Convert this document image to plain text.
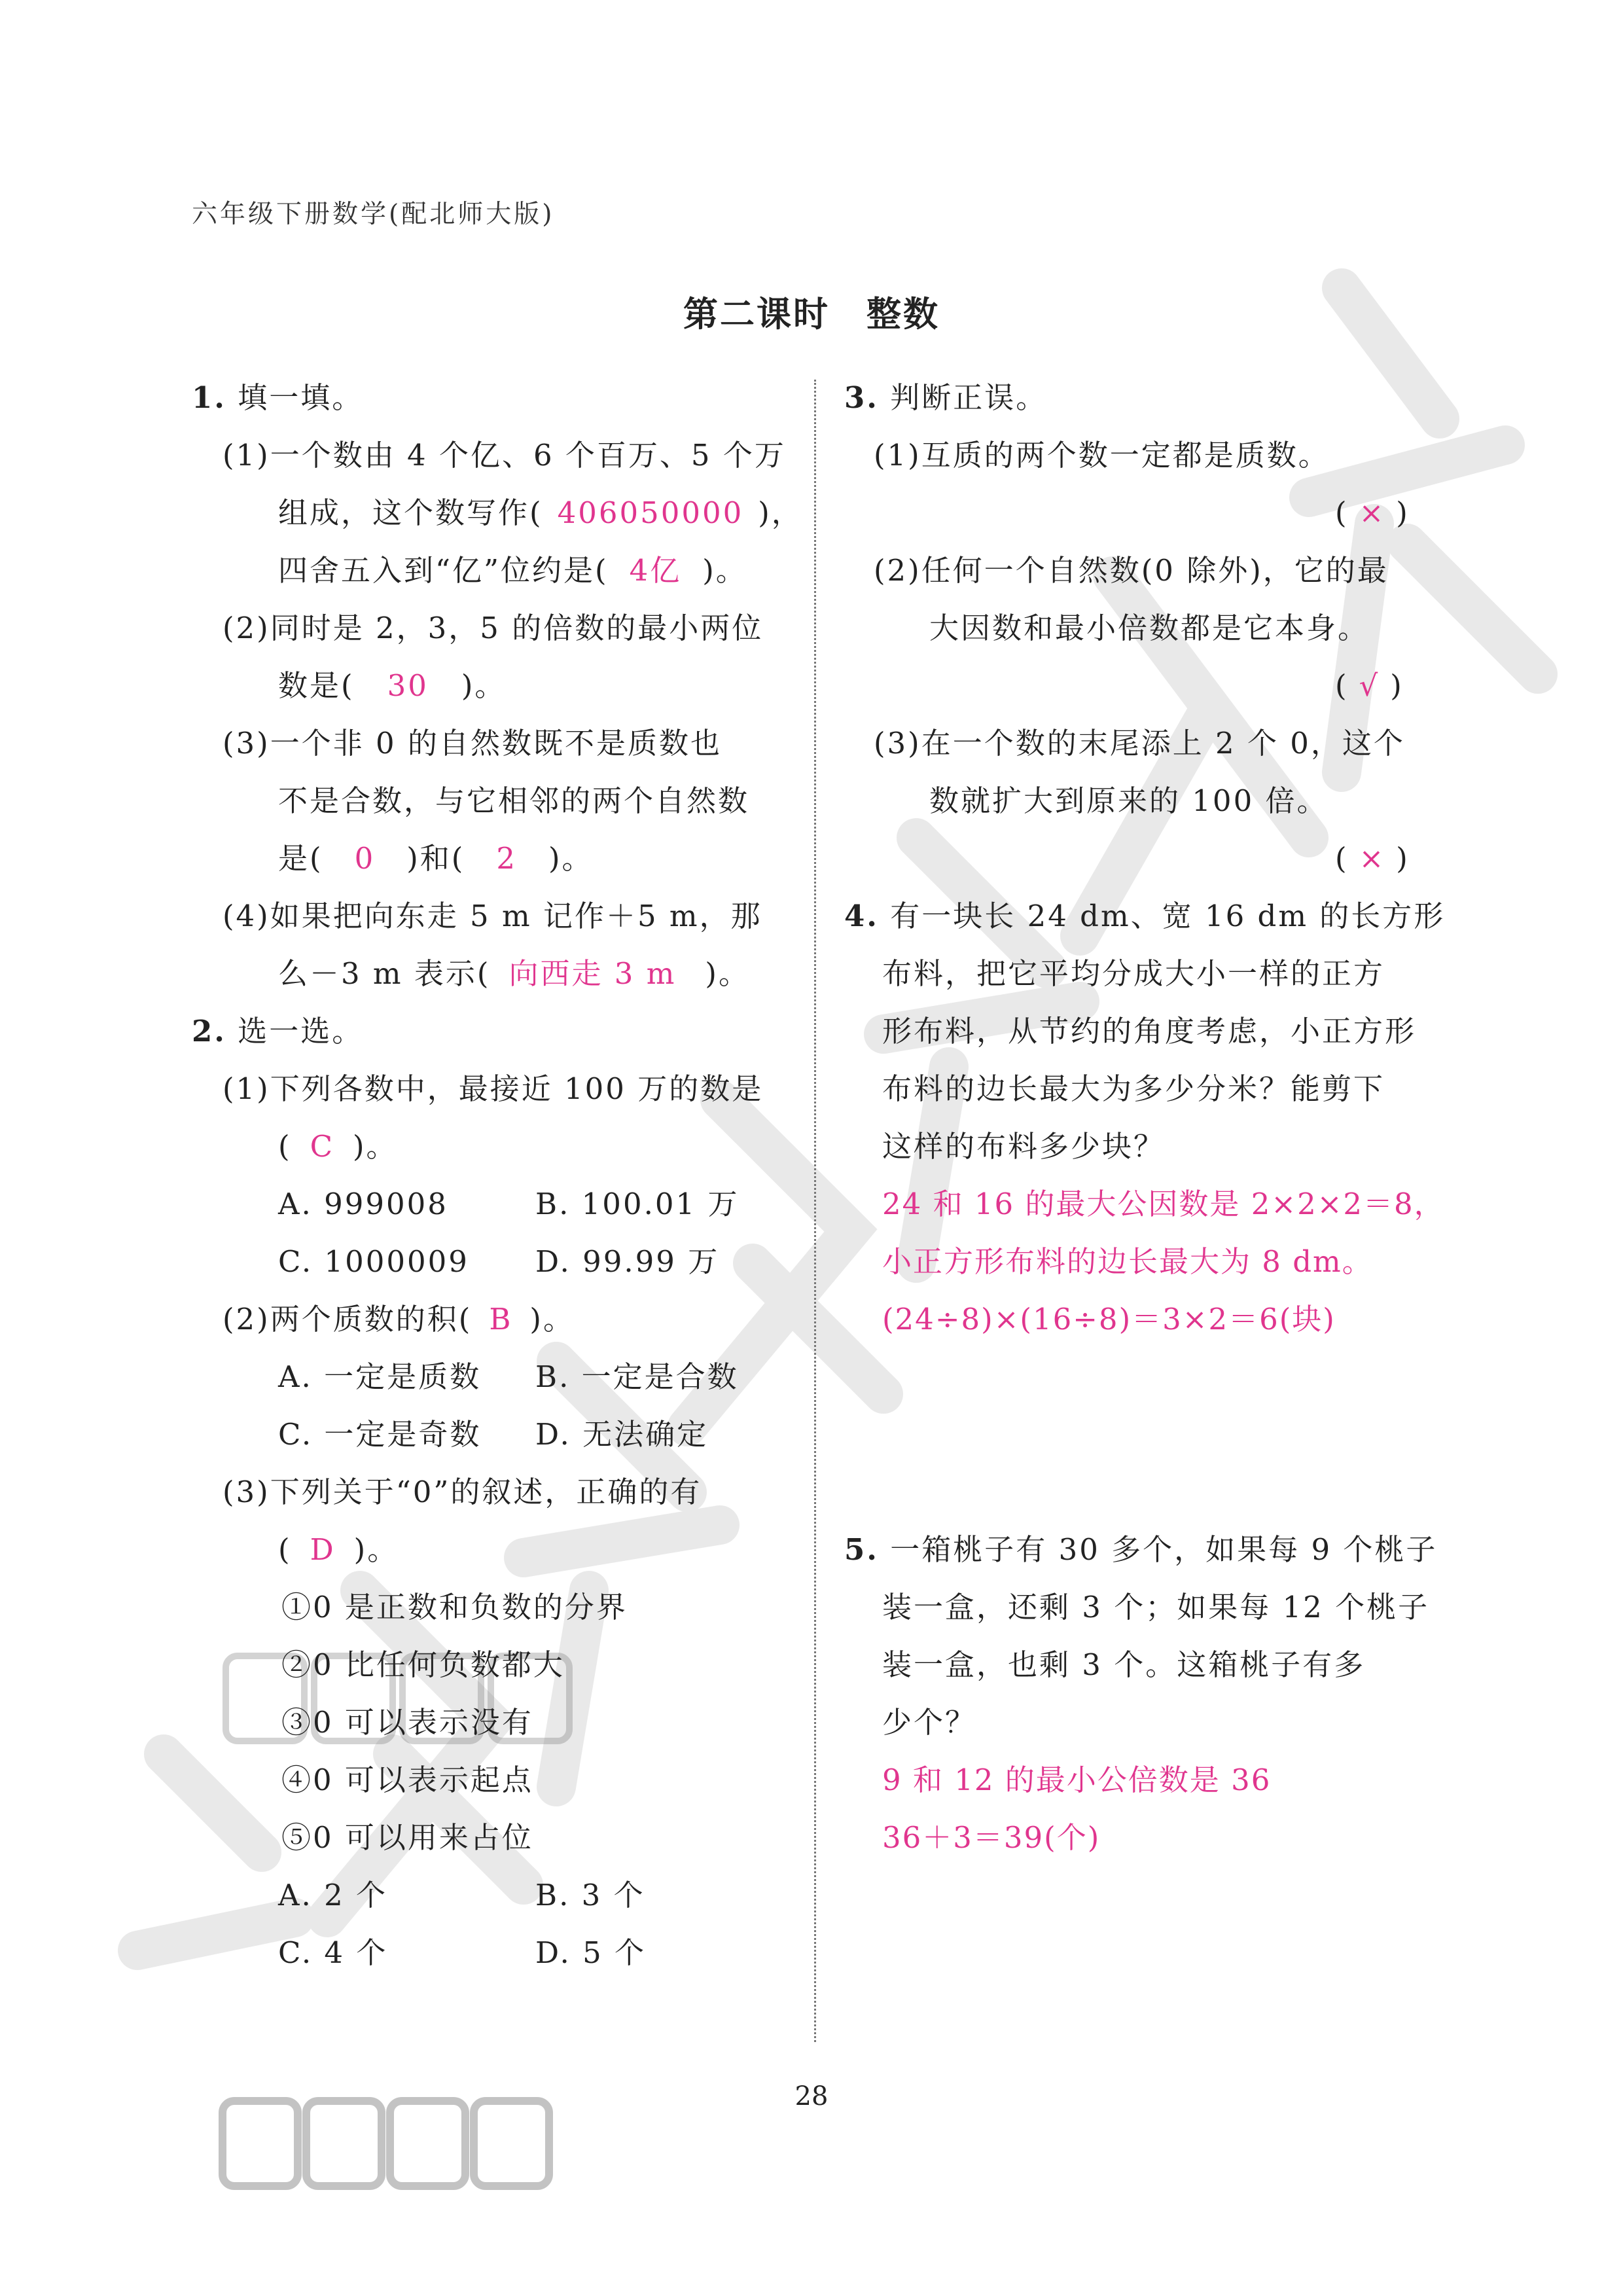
六年级下册数学(配北师大版)
第二课时　整数
1. 填一填。
(1)一个数由 4 个亿、6 个百万、5 个万
组成，这个数写作( 406050000 )，
四舍五入到“亿”位约是( 4亿 )。
(2)同时是 2，3，5 的倍数的最小两位
数是( 30 )。
(3)一个非 0 的自然数既不是质数也
不是合数，与它相邻的两个自然数
是( 0 )和( 2 )。
(4)如果把向东走 5 m 记作＋5 m，那
么－3 m 表示( 向西走 3 m )。
2. 选一选。
(1)下列各数中，最接近 100 万的数是
( C )。
A. 999008	B. 100.01 万
C. 1000009 D. 99.99 万
(2)两个质数的积( B )。
A. 一定是质数 B. 一定是合数
C. 一定是奇数 D. 无法确定
(3)下列关于“0”的叙述，正确的有
( D )。
①0 是正数和负数的分界
②0 比任何负数都大
③0 可以表示没有
④0 可以表示起点
⑤0 可以用来占位
A. 2 个	B. 3 个
C. 4 个	D. 5 个
3. 判断正误。
(1)互质的两个数一定都是质数。
( × )
(2)任何一个自然数(0 除外)，它的最
大因数和最小倍数都是它本身。
( √ )
(3)在一个数的末尾添上 2 个 0，这个
数就扩大到原来的 100 倍。
( × )
4. 有一块长 24 dm、宽 16 dm 的长方形
布料，把它平均分成大小一样的正方
形布料，从节约的角度考虑，小正方形
布料的边长最大为多少分米？能剪下
这样的布料多少块？
24 和 16 的最大公因数是 2×2×2＝8，
小正方形布料的边长最大为 8 dm。
(24÷8)×(16÷8)＝3×2＝6(块)
5. 一箱桃子有 30 多个，如果每 9 个桃子
装一盒，还剩 3 个；如果每 12 个桃子
装一盒，也剩 3 个。这箱桃子有多
少个？
9 和 12 的最小公倍数是 36
36＋3＝39(个)
28
